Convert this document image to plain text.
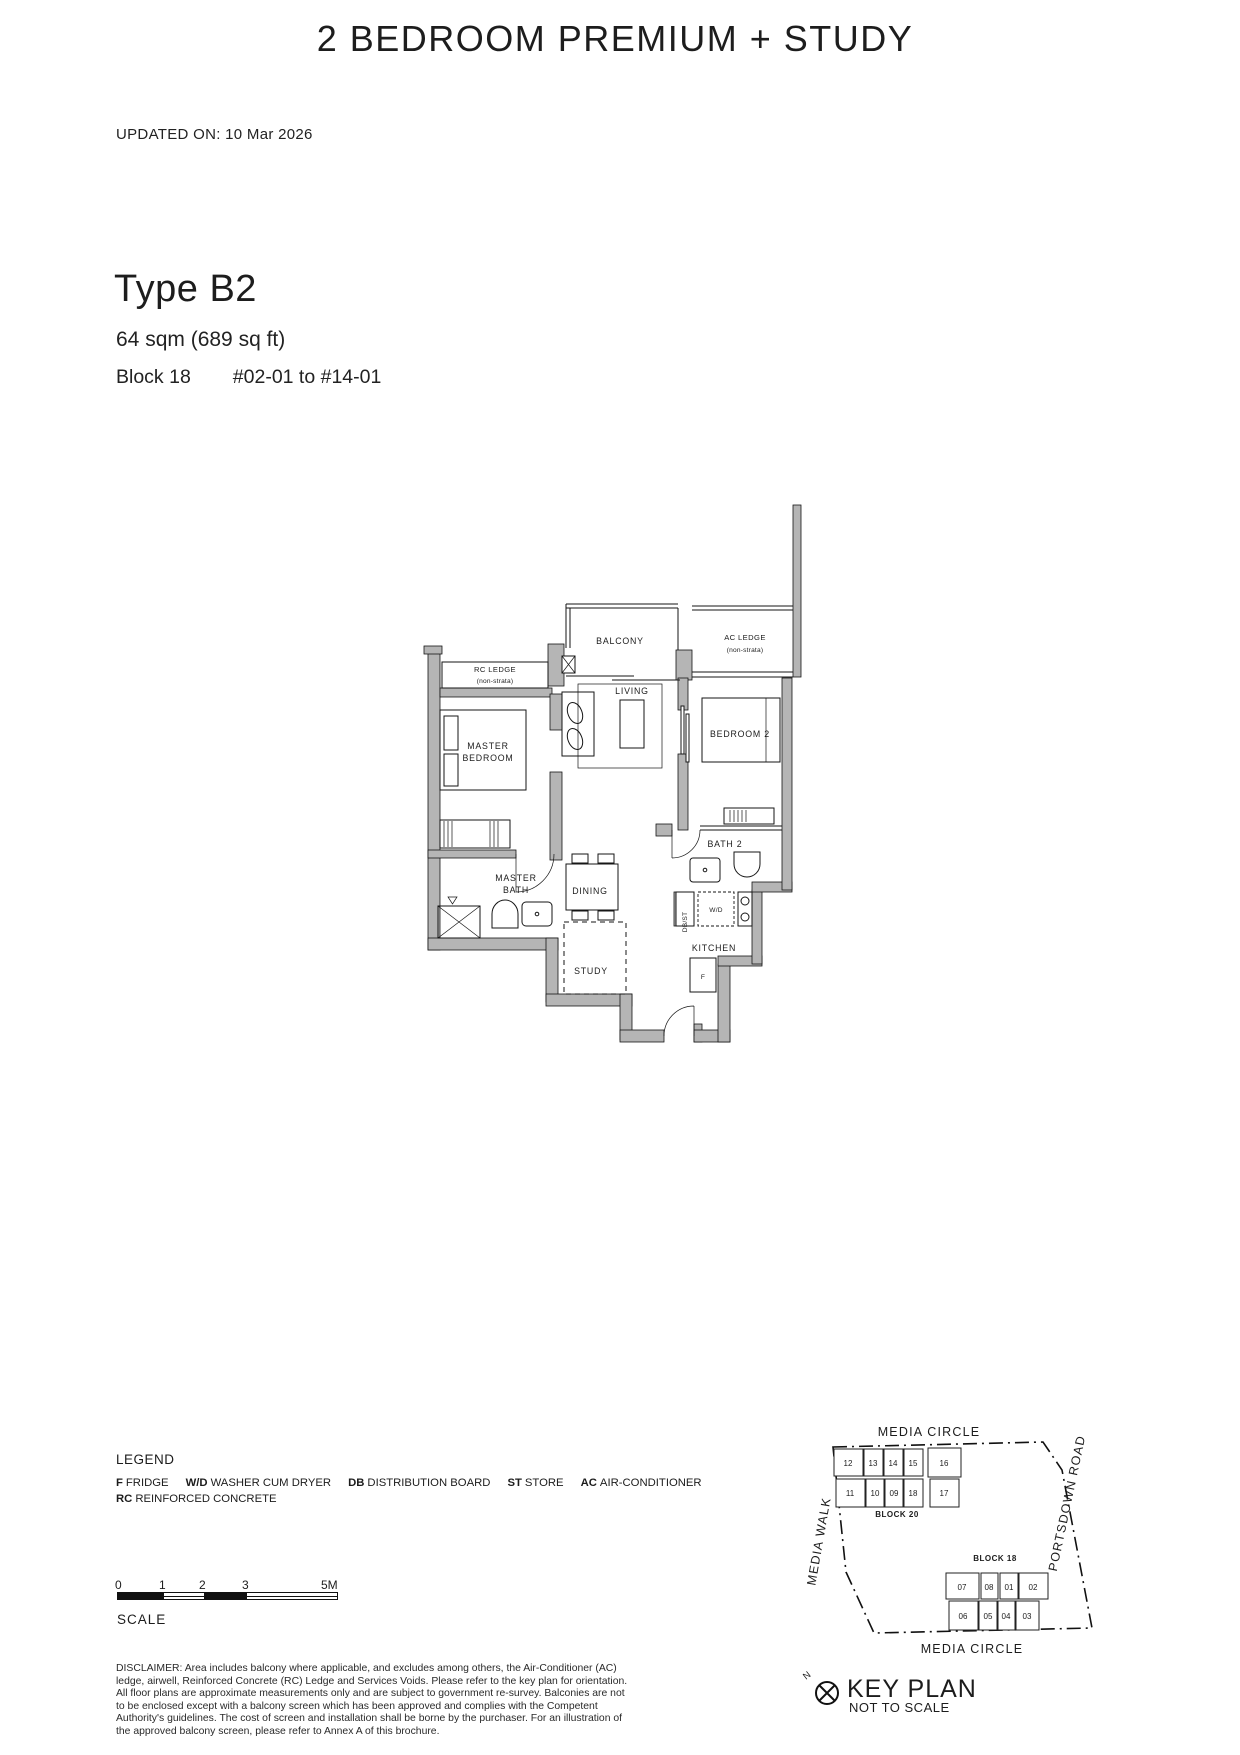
2 BEDROOM PREMIUM + STUDY
UPDATED ON: 10 Mar 2026
Type B2
64 sqm (689 sq ft)
Block 18 #02-01 to #14-01
RC LEDGE
(non-strata)
BALCONY	AC LEDGE
(non-strata)
LIVING
MASTER
BEDROOM
BEDROOM 2
MASTER
BATH	DINING
BATH 2
STUDY
KITCHEN
W/D
F
DB/ST
LEGEND
F FRIDGE W/D WASHER CUM DRYER DB DISTRIBUTION BOARD ST STORE AC AIR-CONDITIONER
RC REINFORCED CONCRETE
0	1	2	3	5M
SCALE
DISCLAIMER: Area includes balcony where applicable, and excludes among others, the Air-Conditioner (AC) ledge, airwell, Reinforced Concrete (RC) Ledge and Services Voids. Please refer to the key plan for orientation. All floor plans are approximate measurements only and are subject to government re-survey. Balconies are not to be enclosed except with a balcony screen which has been approved and complies with the Competent Authority's guidelines. The cost of screen and installation shall be borne by the purchaser. For an illustration of the approved balcony screen, please refer to Annex A of this brochure.
MEDIA CIRCLE
MEDIA CIRCLE
MEDIA WALK	PORTSDOWN ROAD
12 13 14 15	16
11 10 09 18	17
BLOCK 20
BLOCK 18
07 08 01 02
06 05 04 03
N KEY PLAN
NOT TO SCALE
